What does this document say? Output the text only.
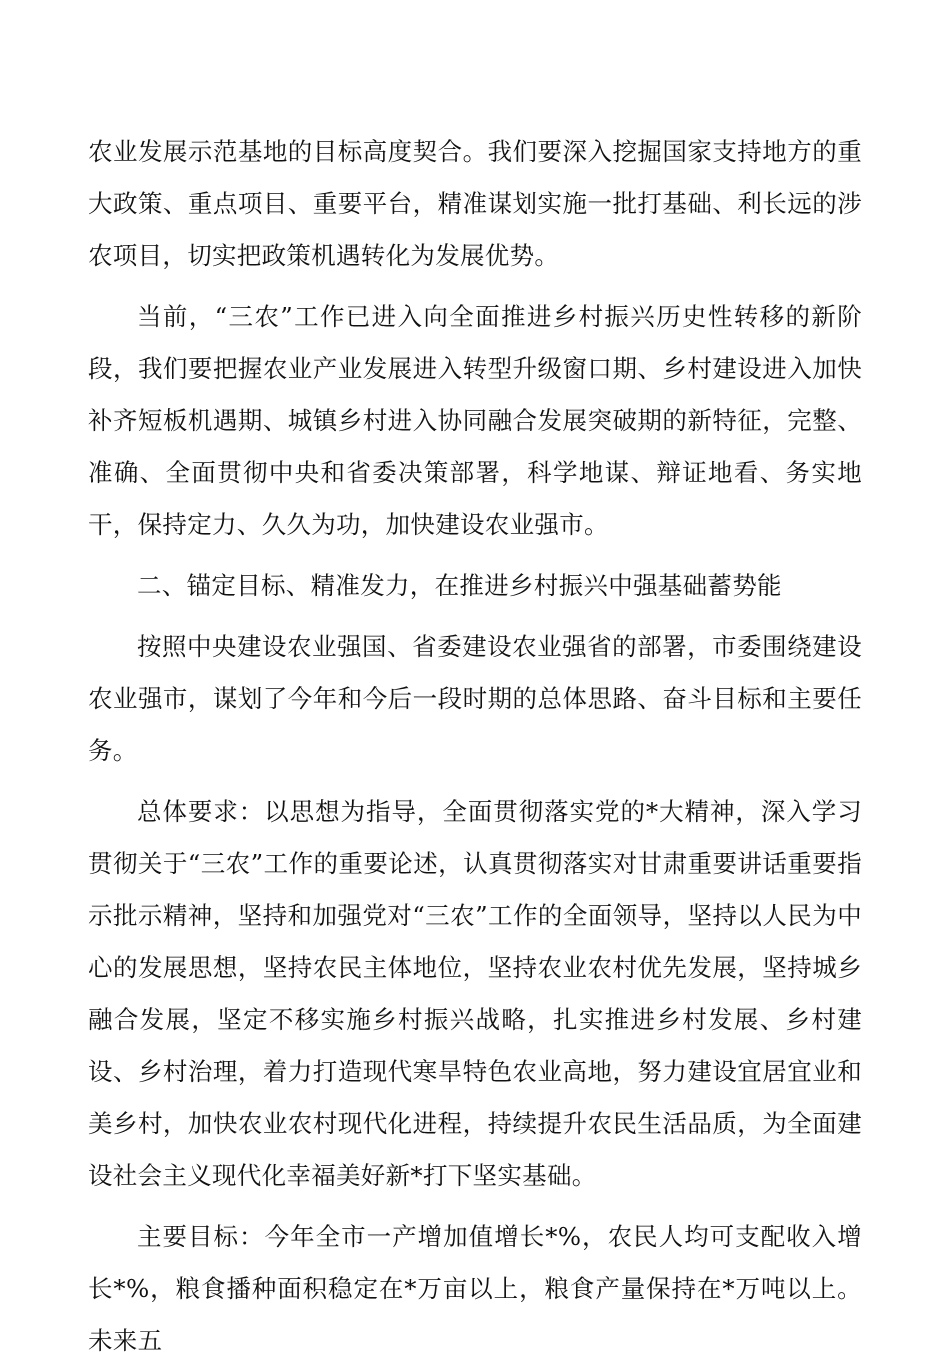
农业发展示范基地的目标高度契合。我们要深入挖掘国家支持地方的重大政策、重点项目、重要平台，精准谋划实施一批打基础、利长远的涉农项目，切实把政策机遇转化为发展优势。

当前，“三农”工作已进入向全面推进乡村振兴历史性转移的新阶段，我们要把握农业产业发展进入转型升级窗口期、乡村建设进入加快补齐短板机遇期、城镇乡村进入协同融合发展突破期的新特征，完整、准确、全面贯彻中央和省委决策部署，科学地谋、辩证地看、务实地干，保持定力、久久为功，加快建设农业强市。

二、锚定目标、精准发力，在推进乡村振兴中强基础蓄势能

按照中央建设农业强国、省委建设农业强省的部署，市委围绕建设农业强市，谋划了今年和今后一段时期的总体思路、奋斗目标和主要任务。

总体要求：以思想为指导，全面贯彻落实党的*大精神，深入学习贯彻关于“三农”工作的重要论述，认真贯彻落实对甘肃重要讲话重要指示批示精神，坚持和加强党对“三农”工作的全面领导，坚持以人民为中心的发展思想，坚持农民主体地位，坚持农业农村优先发展，坚持城乡融合发展，坚定不移实施乡村振兴战略，扎实推进乡村发展、乡村建设、乡村治理，着力打造现代寒旱特色农业高地，努力建设宜居宜业和美乡村，加快农业农村现代化进程，持续提升农民生活品质，为全面建设社会主义现代化幸福美好新*打下坚实基础。

主要目标：今年全市一产增加值增长*%，农民人均可支配收入增长*%，粮食播种面积稳定在*万亩以上，粮食产量保持在*万吨以上。未来五
